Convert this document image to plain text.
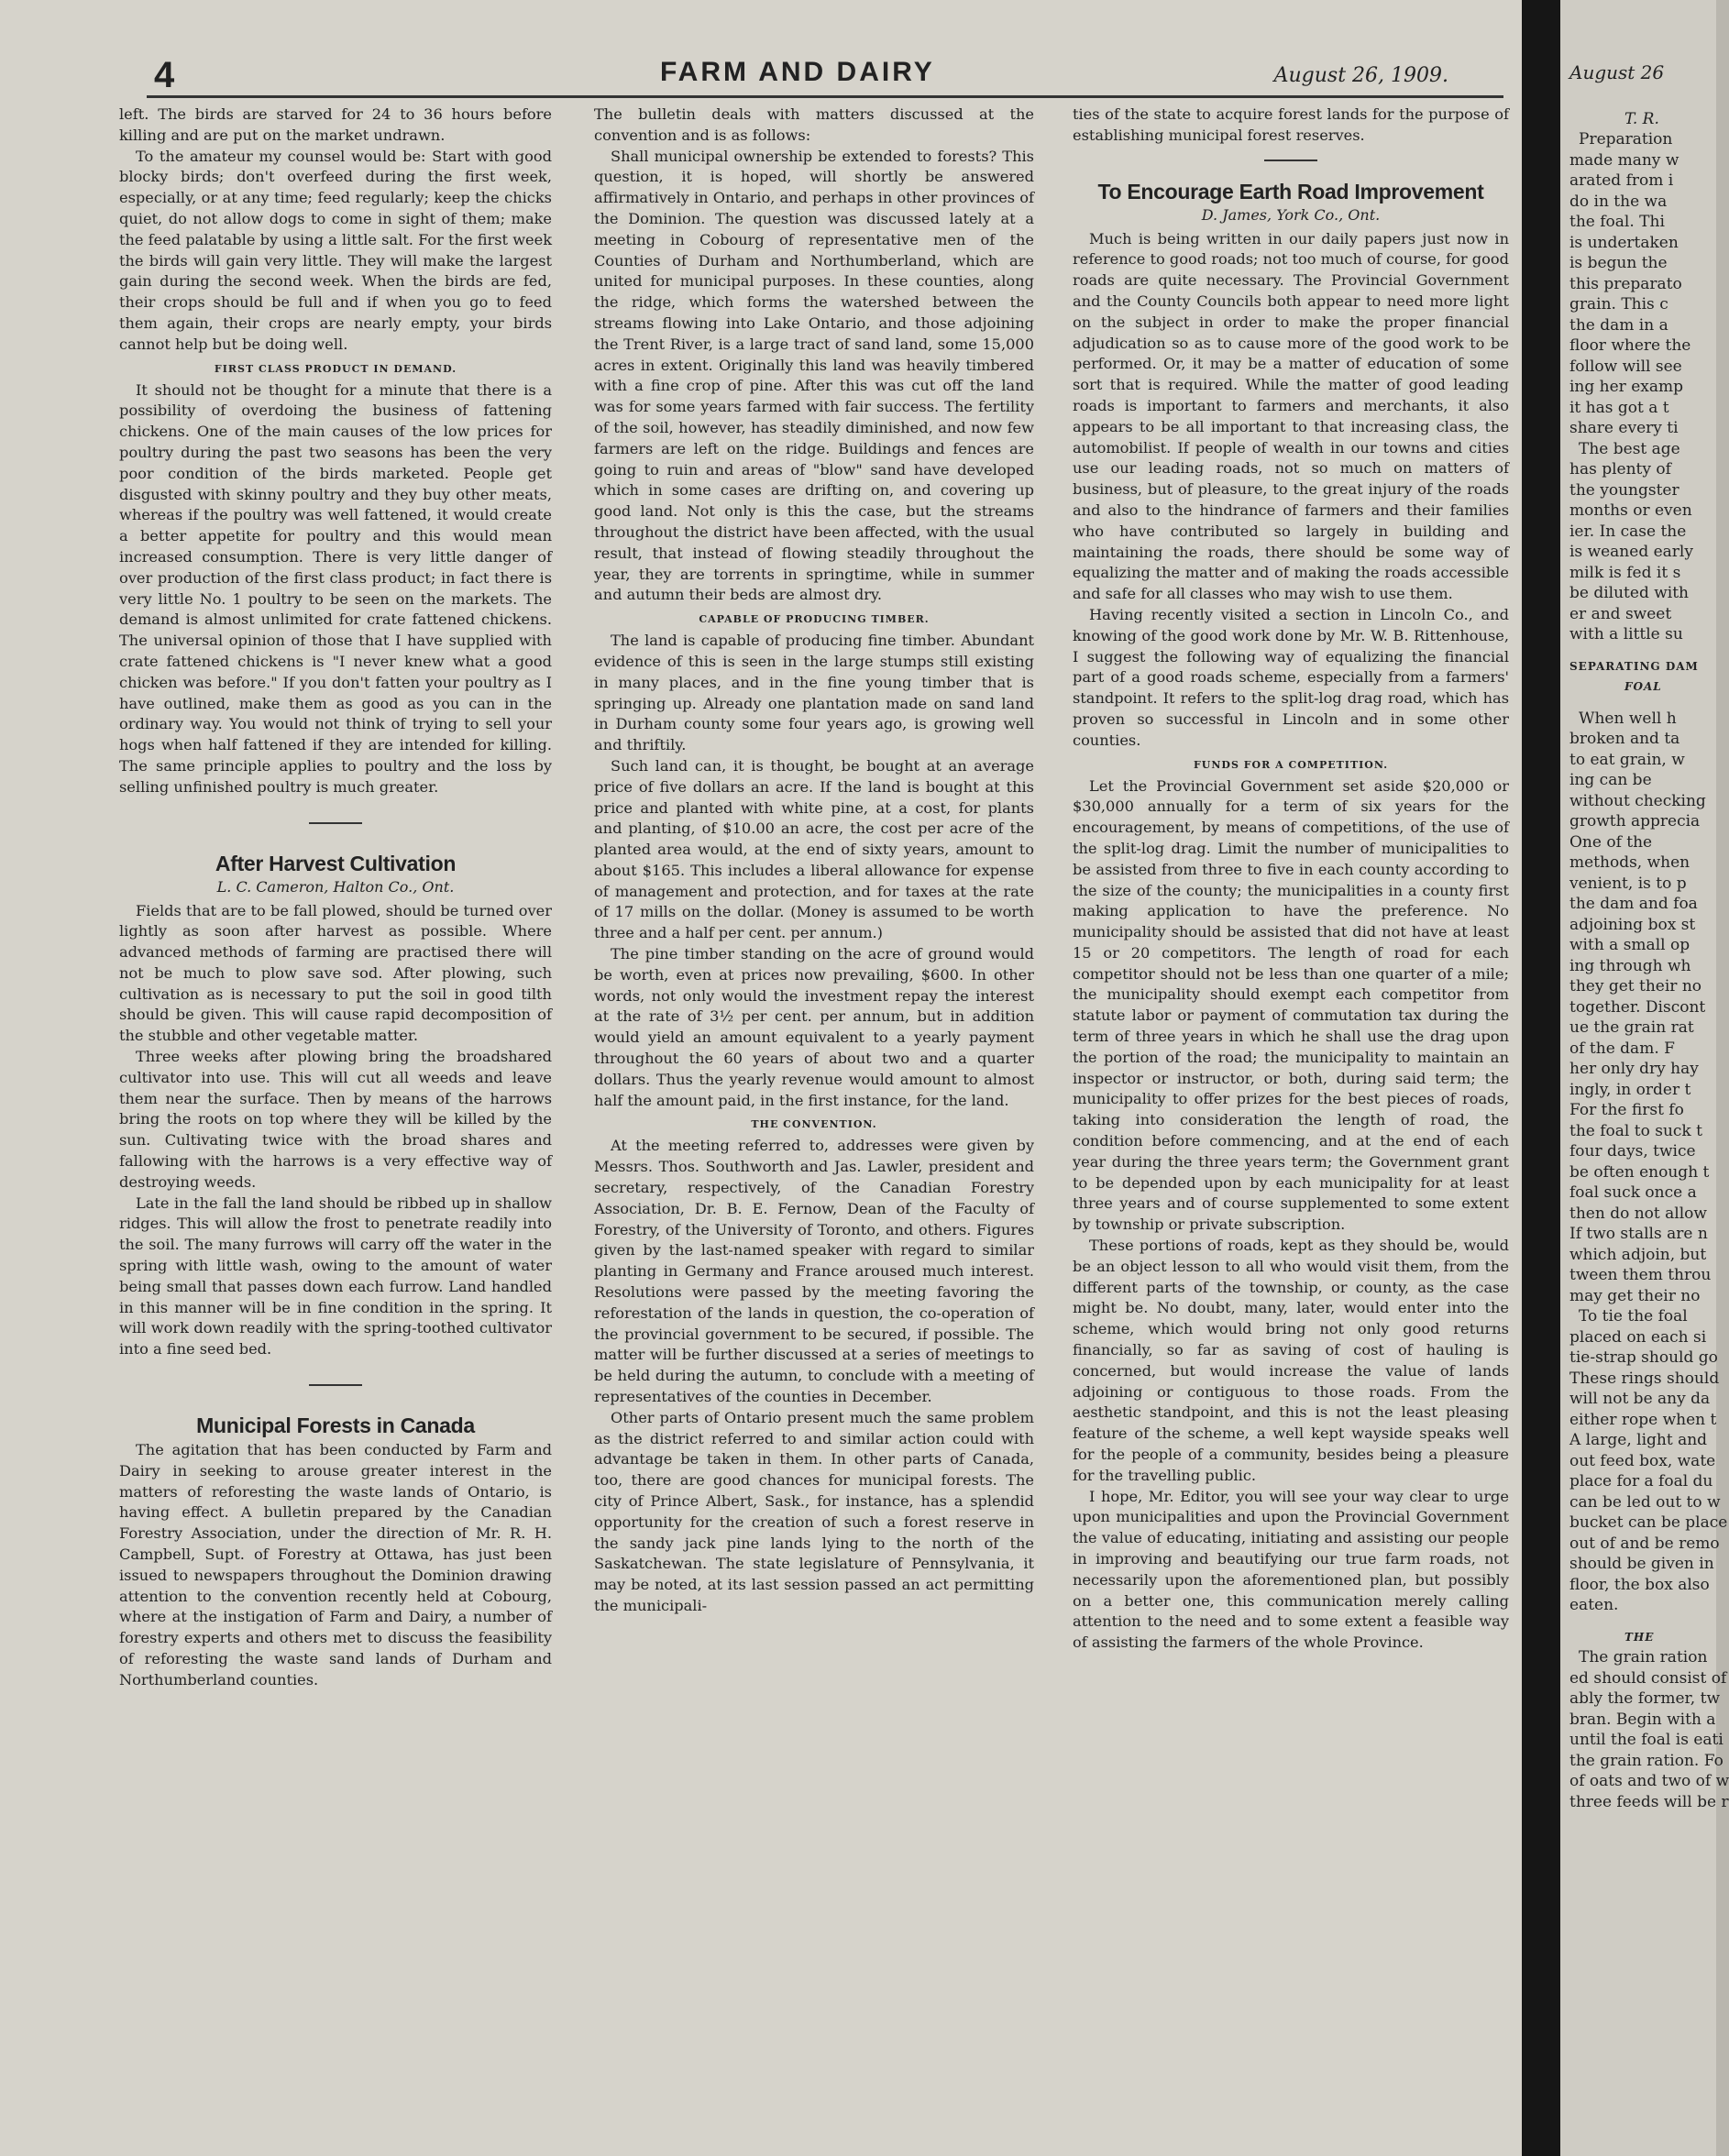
4	FARM AND DAIRY	August 26, 1909.

left. The birds are starved for 24 to 36 hours before killing and are put on the market undrawn.

To the amateur my counsel would be: Start with good blocky birds; don't overfeed during the first week, especially, or at any time; feed regularly; keep the chicks quiet, do not allow dogs to come in sight of them; make the feed palatable by using a little salt. For the first week the birds will gain very little. They will make the largest gain during the second week. When the birds are fed, their crops should be full and if when you go to feed them again, their crops are nearly empty, your birds cannot help but be doing well.

FIRST CLASS PRODUCT IN DEMAND.

It should not be thought for a minute that there is a possibility of overdoing the business of fattening chickens. One of the main causes of the low prices for poultry during the past two seasons has been the very poor condition of the birds marketed. People get disgusted with skinny poultry and they buy other meats, whereas if the poultry was well fattened, it would create a better appetite for poultry and this would mean increased consumption. There is very little danger of over production of the first class product; in fact there is very little No. 1 poultry to be seen on the markets. The demand is almost unlimited for crate fattened chickens. The universal opinion of those that I have supplied with crate fattened chickens is "I never knew what a good chicken was before." If you don't fatten your poultry as I have outlined, make them as good as you can in the ordinary way. You would not think of trying to sell your hogs when half fattened if they are intended for killing. The same principle applies to poultry and the loss by selling unfinished poultry is much greater.

After Harvest Cultivation
L. C. Cameron, Halton Co., Ont.

Fields that are to be fall plowed, should be turned over lightly as soon after harvest as possible. Where advanced methods of farming are practised there will not be much to plow save sod. After plowing, such cultivation as is necessary to put the soil in good tilth should be given. This will cause rapid decomposition of the stubble and other vegetable matter.

Three weeks after plowing bring the broadshared cultivator into use. This will cut all weeds and leave them near the surface. Then by means of the harrows bring the roots on top where they will be killed by the sun. Cultivating twice with the broad shares and fallowing with the harrows is a very effective way of destroying weeds.

Late in the fall the land should be ribbed up in shallow ridges. This will allow the frost to penetrate readily into the soil. The many furrows will carry off the water in the spring with little wash, owing to the amount of water being small that passes down each furrow. Land handled in this manner will be in fine condition in the spring. It will work down readily with the spring-toothed cultivator into a fine seed bed.

Municipal Forests in Canada

The agitation that has been conducted by Farm and Dairy in seeking to arouse greater interest in the matters of reforesting the waste lands of Ontario, is having effect. A bulletin prepared by the Canadian Forestry Association, under the direction of Mr. R. H. Campbell, Supt. of Forestry at Ottawa, has just been issued to newspapers throughout the Dominion drawing attention to the convention recently held at Cobourg, where at the instigation of Farm and Dairy, a number of forestry experts and others met to discuss the feasibility of reforesting the waste sand lands of Durham and Northumberland counties.

The bulletin deals with matters discussed at the convention and is as follows:

Shall municipal ownership be extended to forests? This question, it is hoped, will shortly be answered affirmatively in Ontario, and perhaps in other provinces of the Dominion. The question was discussed lately at a meeting in Cobourg of representative men of the Counties of Durham and Northumberland, which are united for municipal purposes. In these counties, along the ridge, which forms the watershed between the streams flowing into Lake Ontario, and those adjoining the Trent River, is a large tract of sand land, some 15,000 acres in extent. Originally this land was heavily timbered with a fine crop of pine. After this was cut off the land was for some years farmed with fair success. The fertility of the soil, however, has steadily diminished, and now few farmers are left on the ridge. Buildings and fences are going to ruin and areas of "blow" sand have developed which in some cases are drifting on, and covering up good land. Not only is this the case, but the streams throughout the district have been affected, with the usual result, that instead of flowing steadily throughout the year, they are torrents in springtime, while in summer and autumn their beds are almost dry.

CAPABLE OF PRODUCING TIMBER.

The land is capable of producing fine timber. Abundant evidence of this is seen in the large stumps still existing in many places, and in the fine young timber that is springing up. Already one plantation made on sand land in Durham county some four years ago, is growing well and thriftily.

Such land can, it is thought, be bought at an average price of five dollars an acre. If the land is bought at this price and planted with white pine, at a cost, for plants and planting, of $10.00 an acre, the cost per acre of the planted area would, at the end of sixty years, amount to about $165. This includes a liberal allowance for expense of management and protection, and for taxes at the rate of 17 mills on the dollar. (Money is assumed to be worth three and a half per cent. per annum.)

The pine timber standing on the acre of ground would be worth, even at prices now prevailing, $600. In other words, not only would the investment repay the interest at the rate of 3½ per cent. per annum, but in addition would yield an amount equivalent to a yearly payment throughout the 60 years of about two and a quarter dollars. Thus the yearly revenue would amount to almost half the amount paid, in the first instance, for the land.

THE CONVENTION.

At the meeting referred to, addresses were given by Messrs. Thos. Southworth and Jas. Lawler, president and secretary, respectively, of the Canadian Forestry Association, Dr. B. E. Fernow, Dean of the Faculty of Forestry, of the University of Toronto, and others. Figures given by the last-named speaker with regard to similar planting in Germany and France aroused much interest. Resolutions were passed by the meeting favoring the reforestation of the lands in question, the co-operation of the provincial government to be secured, if possible. The matter will be further discussed at a series of meetings to be held during the autumn, to conclude with a meeting of representatives of the counties in December.

Other parts of Ontario present much the same problem as the district referred to and similar action could with advantage be taken in them. In other parts of Canada, too, there are good chances for municipal forests. The city of Prince Albert, Sask., for instance, has a splendid opportunity for the creation of such a forest reserve in the sandy jack pine lands lying to the north of the Saskatchewan. The state legislature of Pennsylvania, it may be noted, at its last session passed an act permitting the municipali-

ties of the state to acquire forest lands for the purpose of establishing municipal forest reserves.

To Encourage Earth Road Improvement
D. James, York Co., Ont.

Much is being written in our daily papers just now in reference to good roads; not too much of course, for good roads are quite necessary. The Provincial Government and the County Councils both appear to need more light on the subject in order to make the proper financial adjudication so as to cause more of the good work to be performed. Or, it may be a matter of education of some sort that is required. While the matter of good leading roads is important to farmers and merchants, it also appears to be all important to that increasing class, the automobilist. If people of wealth in our towns and cities use our leading roads, not so much on matters of business, but of pleasure, to the great injury of the roads and also to the hindrance of farmers and their families who have contributed so largely in building and maintaining the roads, there should be some way of equalizing the matter and of making the roads accessible and safe for all classes who may wish to use them.

Having recently visited a section in Lincoln Co., and knowing of the good work done by Mr. W. B. Rittenhouse, I suggest the following way of equalizing the financial part of a good roads scheme, especially from a farmers' standpoint. It refers to the split-log drag road, which has proven so successful in Lincoln and in some other counties.

FUNDS FOR A COMPETITION.

Let the Provincial Government set aside $20,000 or $30,000 annually for a term of six years for the encouragement, by means of competitions, of the use of the split-log drag. Limit the number of municipalities to be assisted from three to five in each county according to the size of the county; the municipalities in a county first making application to have the preference. No municipality should be assisted that did not have at least 15 or 20 competitors. The length of road for each competitor should not be less than one quarter of a mile; the municipality should exempt each competitor from statute labor or payment of commutation tax during the term of three years in which he shall use the drag upon the portion of the road; the municipality to maintain an inspector or instructor, or both, during said term; the municipality to offer prizes for the best pieces of roads, taking into consideration the length of road, the condition before commencing, and at the end of each year during the three years term; the Government grant to be depended upon by each municipality for at least three years and of course supplemented to some extent by township or private subscription.

These portions of roads, kept as they should be, would be an object lesson to all who would visit them, from the different parts of the township, or county, as the case might be. No doubt, many, later, would enter into the scheme, which would bring not only good returns financially, so far as saving of cost of hauling is concerned, but would increase the value of lands adjoining or contiguous to those roads. From the aesthetic standpoint, and this is not the least pleasing feature of the scheme, a well kept wayside speaks well for the people of a community, besides being a pleasure for the travelling public.

I hope, Mr. Editor, you will see your way clear to urge upon municipalities and upon the Provincial Government the value of educating, initiating and assisting our people in improving and beautifying our true farm roads, not necessarily upon the aforementioned plan, but possibly on a better one, this communication merely calling attention to the need and to some extent a feasible way of assisting the farmers of the whole Province.

August 26
T. R.
Preparation
made many w
arated from i
do in the wa
the foal. Thi
is undertaken
is begun the
this preparato
grain. This c
the dam in a
floor where the
follow will see
ing her examp
it has got a t
share every ti
The best age
has plenty of
the youngster
months or even
ier. In case the
is weaned early
milk is fed it s
be diluted with
er and sweet
with a little su
SEPARATING DAM
FOAL
When well h
broken and ta
to eat grain, w
ing can be
without checking
growth apprecia
One of the
methods, when
venient, is to p
the dam and foa
adjoining box st
with a small op
ing through wh
they get their no
together. Discont
ue the grain rat
of the dam. F
her only dry hay
ingly, in order t
For the first fo
the foal to suck t
four days, twice
be often enough t
foal suck once a
then do not allow
If two stalls are n
which adjoin, but
tween them throu
may get their no
To tie the foal
placed on each si
tie-strap should go
These rings should
will not be any da
either rope when t
A large, light and
out feed box, wate
place for a foal du
can be led out to w
bucket can be place
out of and be remo
should be given in
floor, the box also
eaten.
THE
The grain ration
ed should consist of
ably the former, tw
bran. Begin with a
until the foal is eati
the grain ration. Fo
of oats and two of w
three feeds will be r
